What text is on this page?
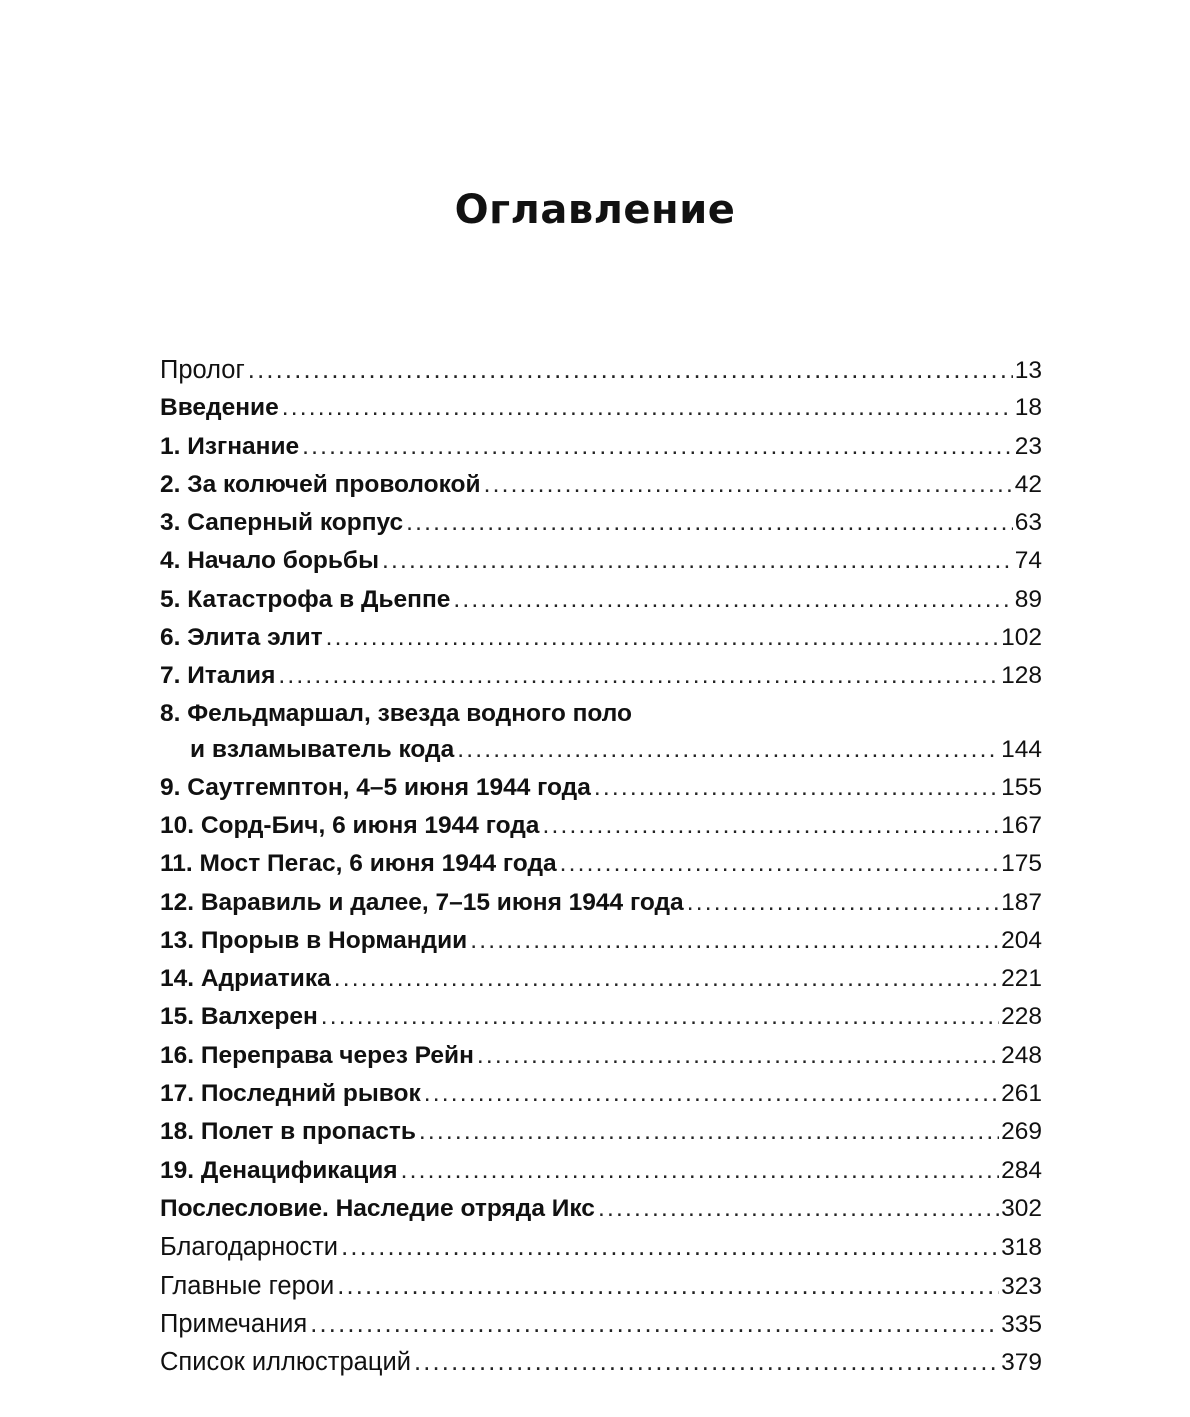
Оглавление
Пролог .....	13
Введение .....	18
1. Изгнание .....	23
2. За колючей проволокой .....	42
3. Саперный корпус .....	63
4. Начало борьбы .....	74
5. Катастрофа в Дьеппе .....	89
6. Элита элит .....	102
7. Италия .....	128
8. Фельдмаршал, звезда водного поло
и взламыватель кода .....	144
9. Саутгемптон, 4–5 июня 1944 года .....	155
10. Сорд-Бич, 6 июня 1944 года .....	167
11. Мост Пегас, 6 июня 1944 года .....	175
12. Варавиль и далее, 7–15 июня 1944 года .....	187
13. Прорыв в Нормандии .....	204
14. Адриатика .....	221
15. Валхерен .....	228
16. Переправа через Рейн .....	248
17. Последний рывок .....	261
18. Полет в пропасть .....	269
19. Денацификация .....	284
Послесловие. Наследие отряда Икс .....	302
Благодарности .....	318
Главные герои .....	323
Примечания .....	335
Список иллюстраций .....	379
